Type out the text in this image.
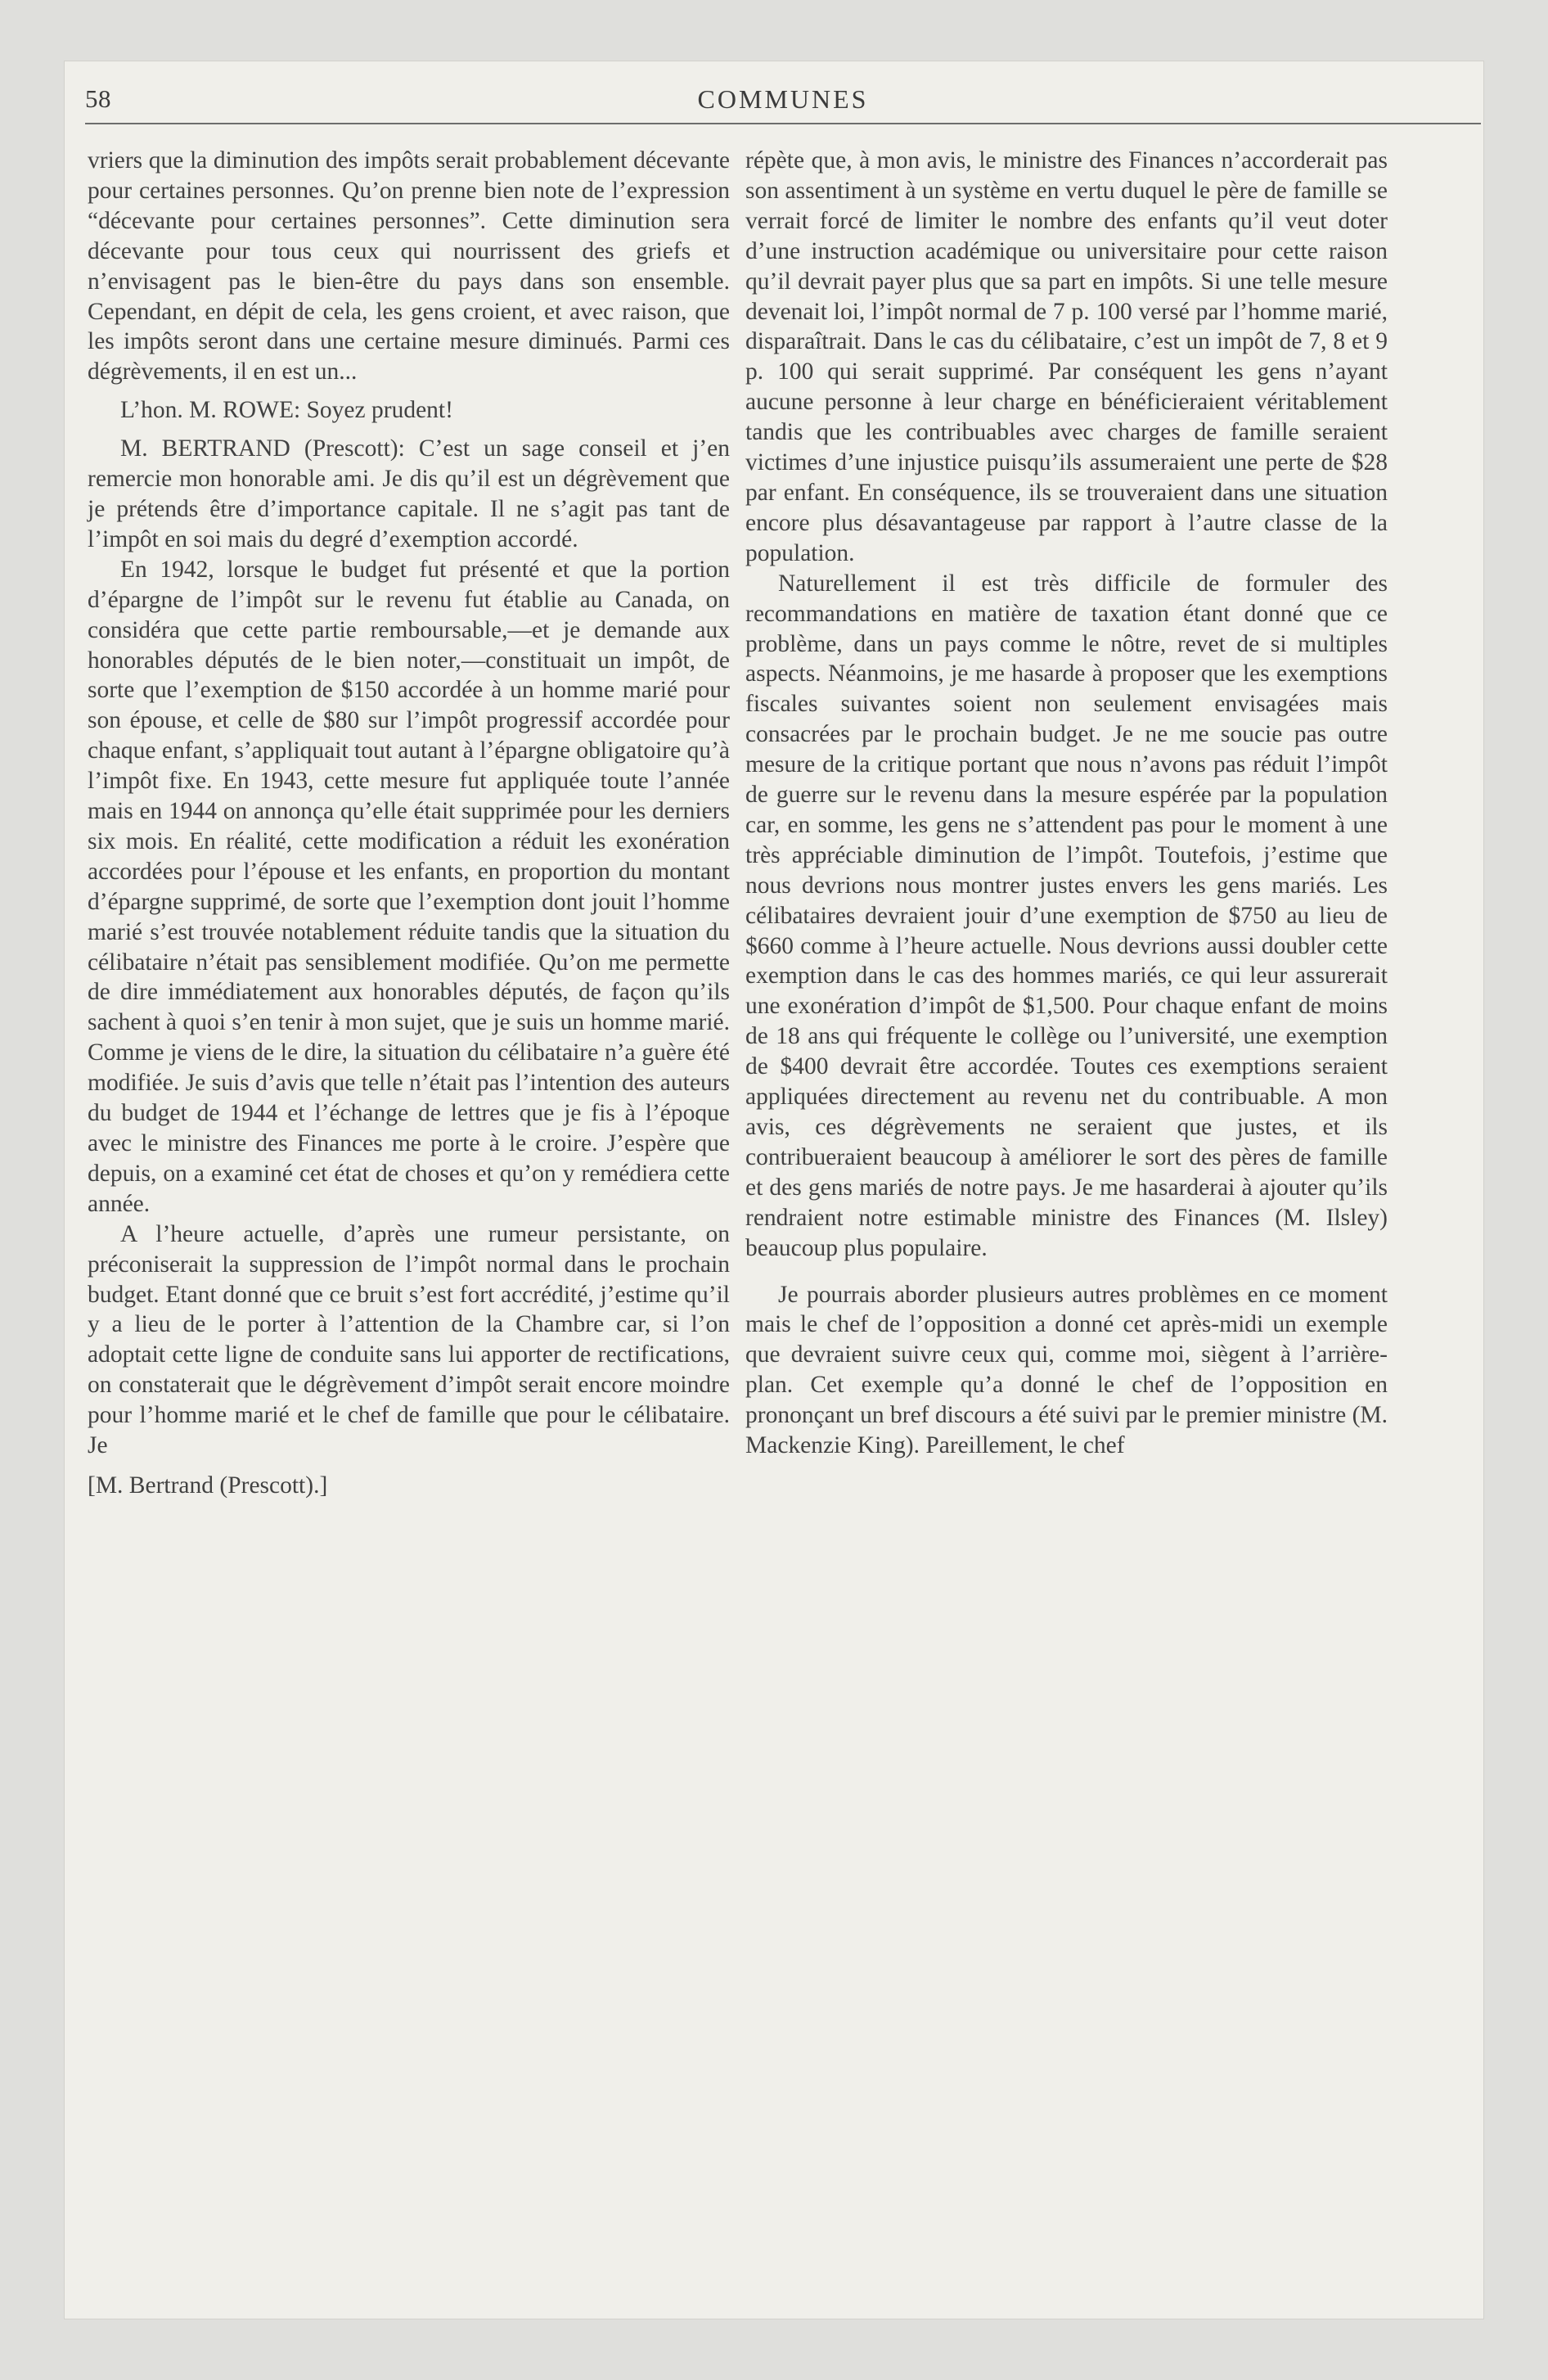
58	COMMUNES

vriers que la diminution des impôts serait probablement décevante pour certaines personnes. Qu’on prenne bien note de l’expression “décevante pour certaines personnes”. Cette diminution sera décevante pour tous ceux qui nourrissent des griefs et n’envisagent pas le bien-être du pays dans son ensemble. Cependant, en dépit de cela, les gens croient, et avec raison, que les impôts seront dans une certaine mesure diminués. Parmi ces dégrèvements, il en est un...

L’hon. M. ROWE: Soyez prudent!

M. BERTRAND (Prescott): C’est un sage conseil et j’en remercie mon honorable ami. Je dis qu’il est un dégrèvement que je prétends être d’importance capitale. Il ne s’agit pas tant de l’impôt en soi mais du degré d’exemption accordé.

En 1942, lorsque le budget fut présenté et que la portion d’épargne de l’impôt sur le revenu fut établie au Canada, on considéra que cette partie remboursable,—et je demande aux honorables députés de le bien noter,—constituait un impôt, de sorte que l’exemption de $150 accordée à un homme marié pour son épouse, et celle de $80 sur l’impôt progressif accordée pour chaque enfant, s’appliquait tout autant à l’épargne obligatoire qu’à l’impôt fixe. En 1943, cette mesure fut appliquée toute l’année mais en 1944 on annonça qu’elle était supprimée pour les derniers six mois. En réalité, cette modification a réduit les exonération accordées pour l’épouse et les enfants, en proportion du montant d’épargne supprimé, de sorte que l’exemption dont jouit l’homme marié s’est trouvée notablement réduite tandis que la situation du célibataire n’était pas sensiblement modifiée. Qu’on me permette de dire immédiatement aux honorables députés, de façon qu’ils sachent à quoi s’en tenir à mon sujet, que je suis un homme marié. Comme je viens de le dire, la situation du célibataire n’a guère été modifiée. Je suis d’avis que telle n’était pas l’intention des auteurs du budget de 1944 et l’échange de lettres que je fis à l’époque avec le ministre des Finances me porte à le croire. J’espère que depuis, on a examiné cet état de choses et qu’on y remédiera cette année.

A l’heure actuelle, d’après une rumeur persistante, on préconiserait la suppression de l’impôt normal dans le prochain budget. Etant donné que ce bruit s’est fort accrédité, j’estime qu’il y a lieu de le porter à l’attention de la Chambre car, si l’on adoptait cette ligne de conduite sans lui apporter de rectifications, on constaterait que le dégrèvement d’impôt serait encore moindre pour l’homme marié et le chef de famille que pour le célibataire. Je

[M. Bertrand (Prescott).]

répète que, à mon avis, le ministre des Finances n’accorderait pas son assentiment à un système en vertu duquel le père de famille se verrait forcé de limiter le nombre des enfants qu’il veut doter d’une instruction académique ou universitaire pour cette raison qu’il devrait payer plus que sa part en impôts. Si une telle mesure devenait loi, l’impôt normal de 7 p. 100 versé par l’homme marié, disparaîtrait. Dans le cas du célibataire, c’est un impôt de 7, 8 et 9 p. 100 qui serait supprimé. Par conséquent les gens n’ayant aucune personne à leur charge en bénéficieraient véritablement tandis que les contribuables avec charges de famille seraient victimes d’une injustice puisqu’ils assumeraient une perte de $28 par enfant. En conséquence, ils se trouveraient dans une situation encore plus désavantageuse par rapport à l’autre classe de la population.

Naturellement il est très difficile de formuler des recommandations en matière de taxation étant donné que ce problème, dans un pays comme le nôtre, revet de si multiples aspects. Néanmoins, je me hasarde à proposer que les exemptions fiscales suivantes soient non seulement envisagées mais consacrées par le prochain budget. Je ne me soucie pas outre mesure de la critique portant que nous n’avons pas réduit l’impôt de guerre sur le revenu dans la mesure espérée par la population car, en somme, les gens ne s’attendent pas pour le moment à une très appréciable diminution de l’impôt. Toutefois, j’estime que nous devrions nous montrer justes envers les gens mariés. Les célibataires devraient jouir d’une exemption de $750 au lieu de $660 comme à l’heure actuelle. Nous devrions aussi doubler cette exemption dans le cas des hommes mariés, ce qui leur assurerait une exonération d’impôt de $1,500. Pour chaque enfant de moins de 18 ans qui fréquente le collège ou l’université, une exemption de $400 devrait être accordée. Toutes ces exemptions seraient appliquées directement au revenu net du contribuable. A mon avis, ces dégrèvements ne seraient que justes, et ils contribueraient beaucoup à améliorer le sort des pères de famille et des gens mariés de notre pays. Je me hasarderai à ajouter qu’ils rendraient notre estimable ministre des Finances (M. Ilsley) beaucoup plus populaire.

Je pourrais aborder plusieurs autres problèmes en ce moment mais le chef de l’opposition a donné cet après-midi un exemple que devraient suivre ceux qui, comme moi, siègent à l’arrière-plan. Cet exemple qu’a donné le chef de l’opposition en prononçant un bref discours a été suivi par le premier ministre (M. Mackenzie King). Pareillement, le chef
